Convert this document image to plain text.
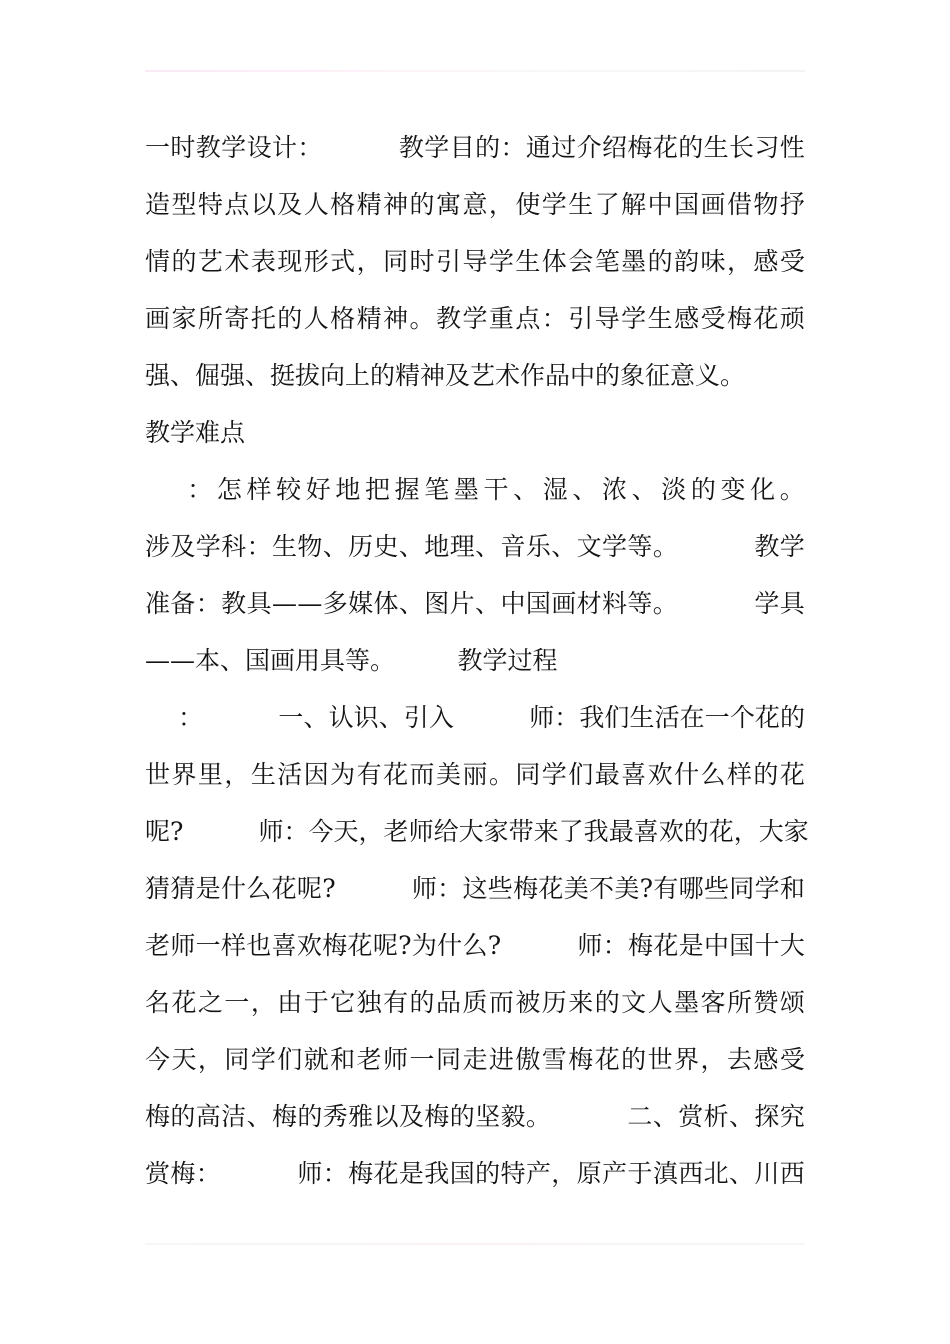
一 时 教 学 设 计 ：

　	教 学 目 的 ： 通 过 介 绍 梅 花 的 生 长 习 性
造 型 特 点 以 及 人 格 精 神 的 寓 意 ， 使 学 生 了 解 中 国 画 借 物 抒
情 的 艺 术 表 现 形 式 ， 同 时 引 导 学 生 体 会 笔 墨 的 韵 味 ， 感 受
画 家 所 寄 托 的 人 格 精 神 。 教 学 重 点 ： 引 导 学 生 感 受 梅 花 顽
强、倔强、挺拔向上的精神及艺术作品中的象征意义。
教学难点

： 怎 样 较 好 地 把 握 笔 墨 干 、 湿 、 浓 、 淡 的 变 化 。
涉 及 学 科 ： 生 物 、 历 史 、 地 理 、 音 乐 、 文 学 等 。

　	教 学
准 备 ： 教 具 — — 多 媒 体 、 图 片 、 中 国 画 材 料 等 。

　	学 具
——本、国画用具等。　　　教学过程

：

　	一 、 认 识 、 引 入

　	师 ： 我 们 生 活 在 一 个 花 的
世 界 里 ， 生 活 因 为 有 花 而 美 丽 。 同 学 们 最 喜 欢 什 么 样 的 花
呢 ?

　	师 ： 今 天 ， 老 师 给 大 家 带 来 了 我 最 喜 欢 的 花 ， 大 家
猜 猜 是 什 么 花 呢 ?

　	师 ： 这 些 梅 花 美 不 美 ? 有 哪 些 同 学 和
老 师 一 样 也 喜 欢 梅 花 呢 ? 为 什 么 ?

　	师 ： 梅 花 是 中 国 十 大
名 花 之 一 ， 由 于 它 独 有 的 品 质 而 被 历 来 的 文 人 墨 客 所 赞 颂
今 天 ， 同 学 们 就 和 老 师 一 同 走 进 傲 雪 梅 花 的 世 界 ， 去 感 受
梅 的 高 洁 、 梅 的 秀 雅 以 及 梅 的 坚 毅 。

　	二 、 赏 析 、 探 究
赏 梅 ：

　	师 ： 梅 花 是 我 国 的 特 产 ， 原 产 于 滇 西 北 、 川 西
